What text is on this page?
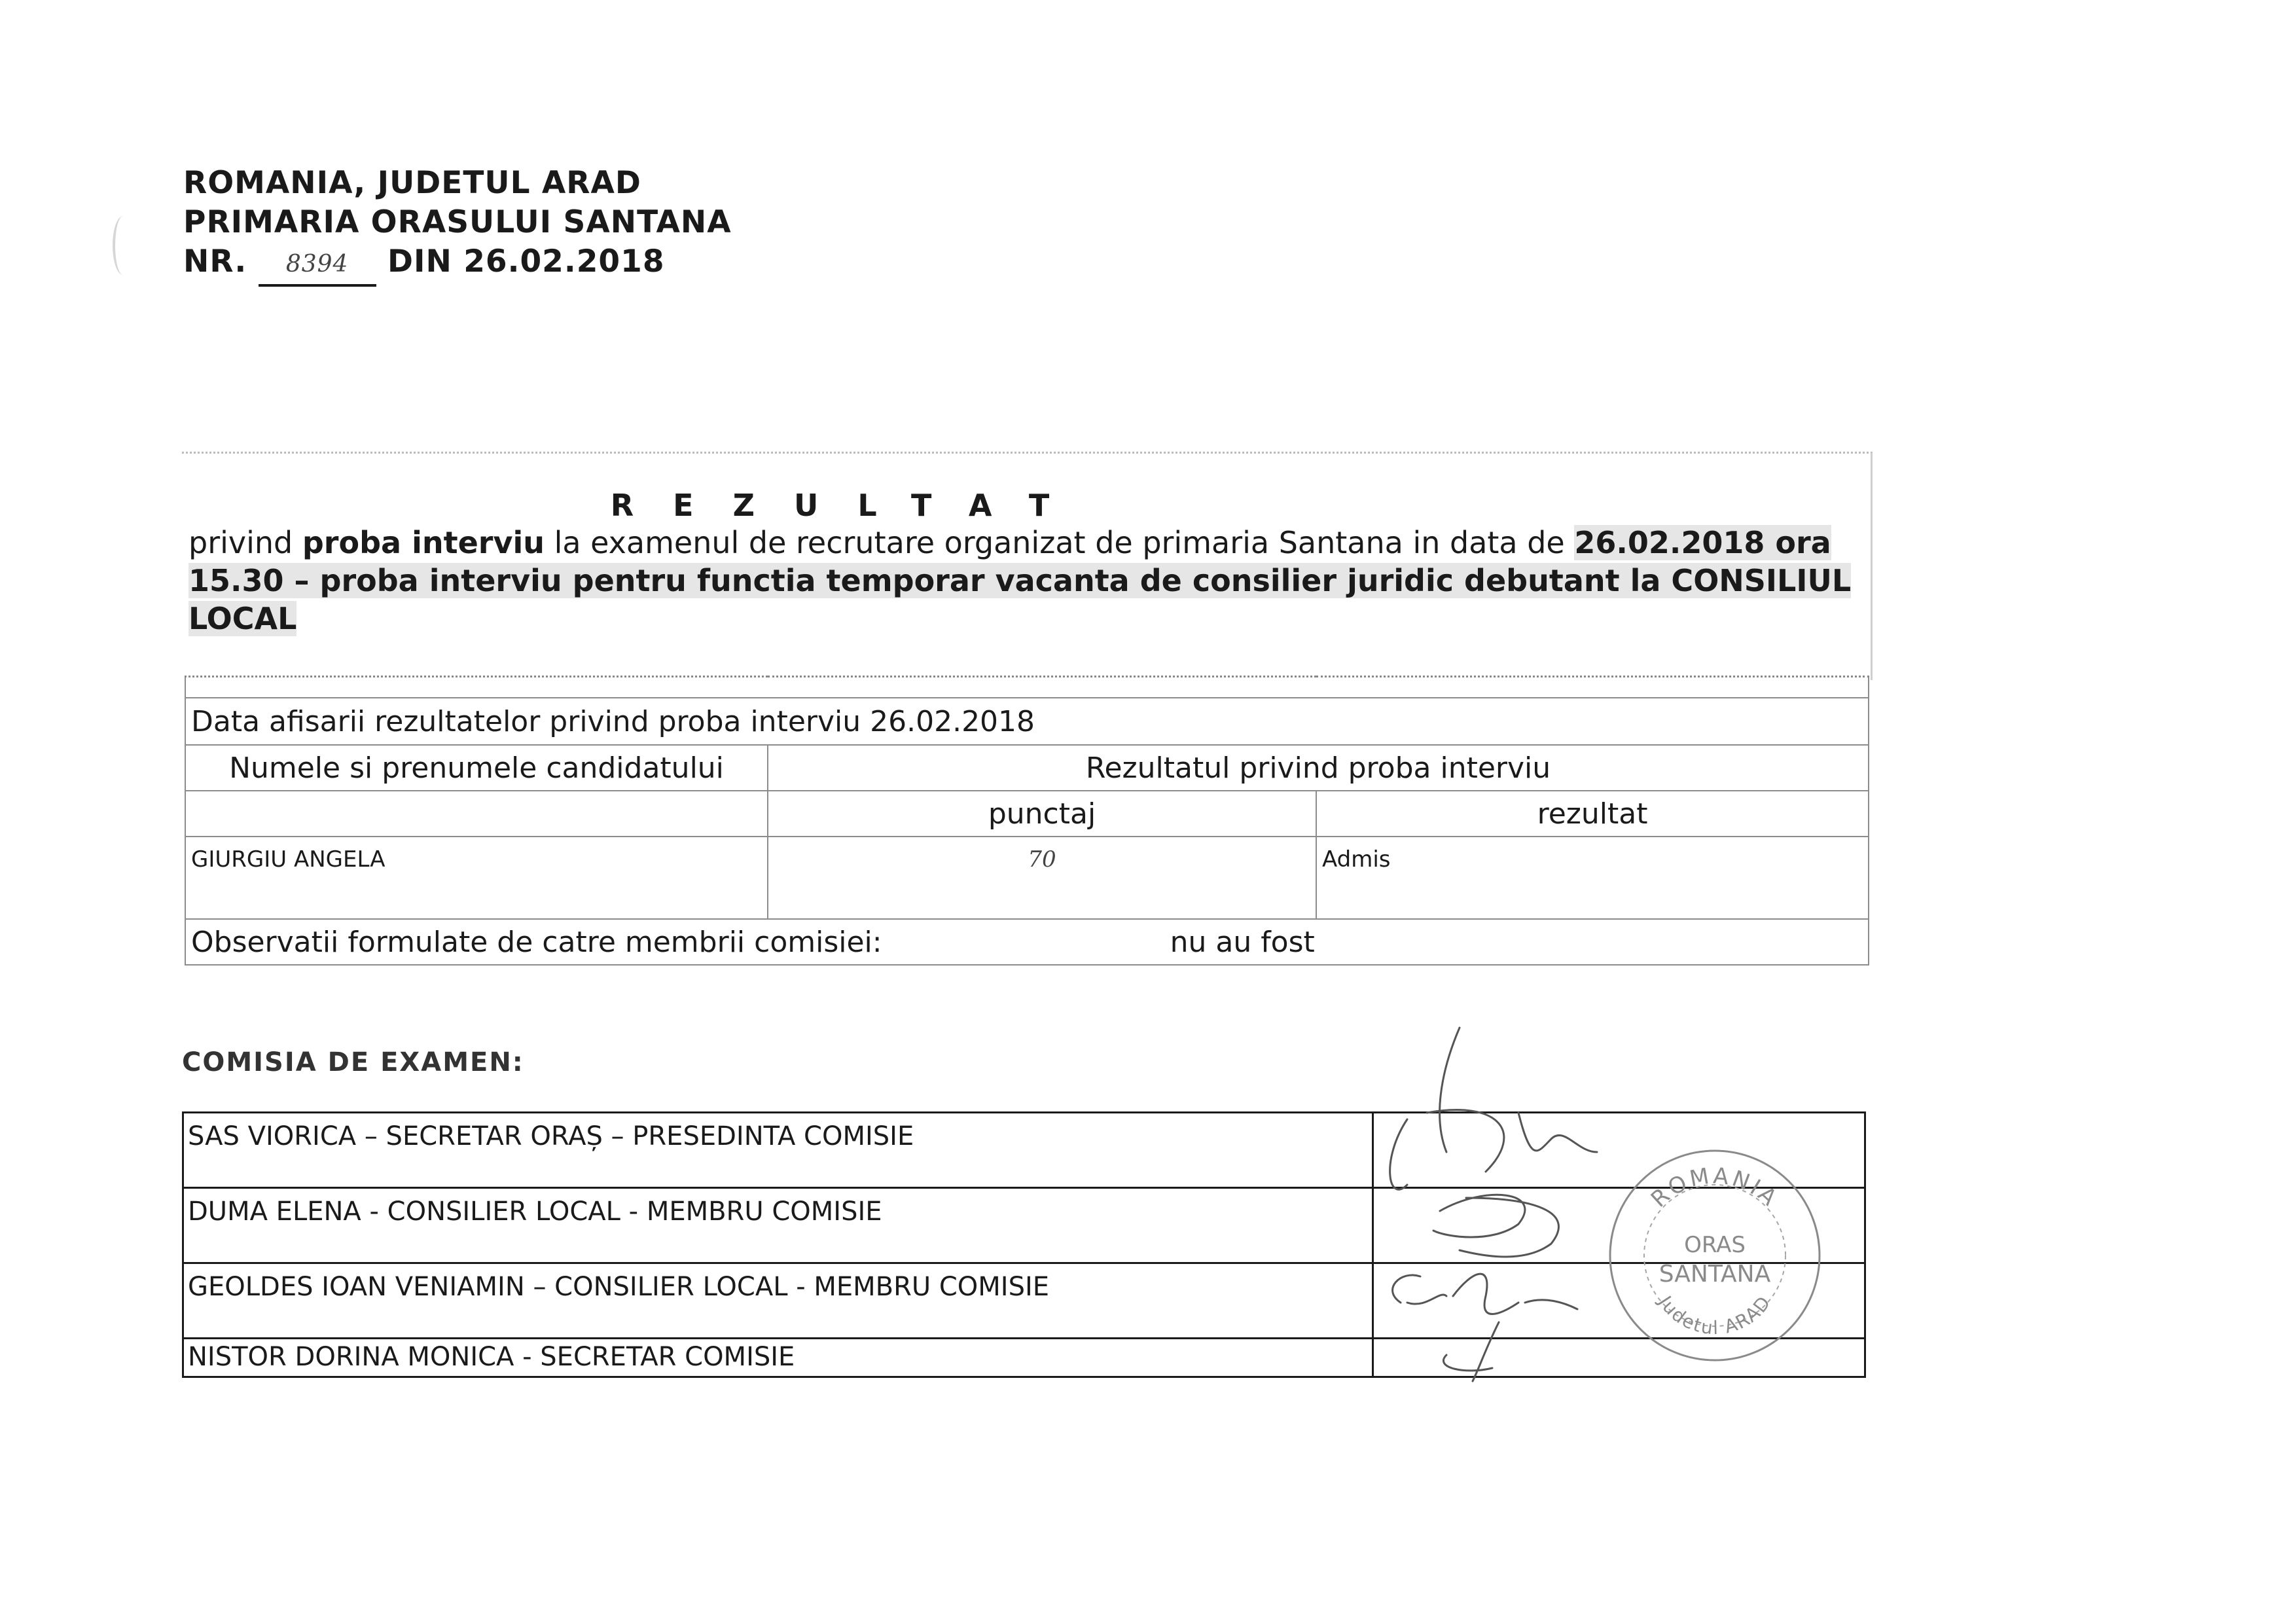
ROMANIA, JUDETUL ARAD
PRIMARIA ORASULUI SANTANA
NR. 8394 DIN 26.02.2018
REZULTAT
privind proba interviu la examenul de recrutare organizat de primaria Santana in data de 26.02.2018 ora 15.30 – proba interviu pentru functia temporar vacanta de consilier juridic debutant la CONSILIUL LOCAL

Data afisarii rezultatelor privind proba interviu 26.02.2018		
Numele si prenumele candidatului	Rezultatul privind proba interviu	
	punctaj	rezultat
GIURGIU ANGELA	70	Admis
Observatii formulate de catre membrii comisiei: nu au fost		
COMISIA DE EXAMEN:
SAS VIORICA – SECRETAR ORAȘ – PRESEDINTA COMISIE	
DUMA ELENA - CONSILIER LOCAL - MEMBRU COMISIE	
GEOLDES IOAN VENIAMIN – CONSILIER LOCAL - MEMBRU COMISIE	
NISTOR DORINA MONICA - SECRETAR COMISIE	
ROMANIA
ORAS
SANTANA
Judetul ARAD
